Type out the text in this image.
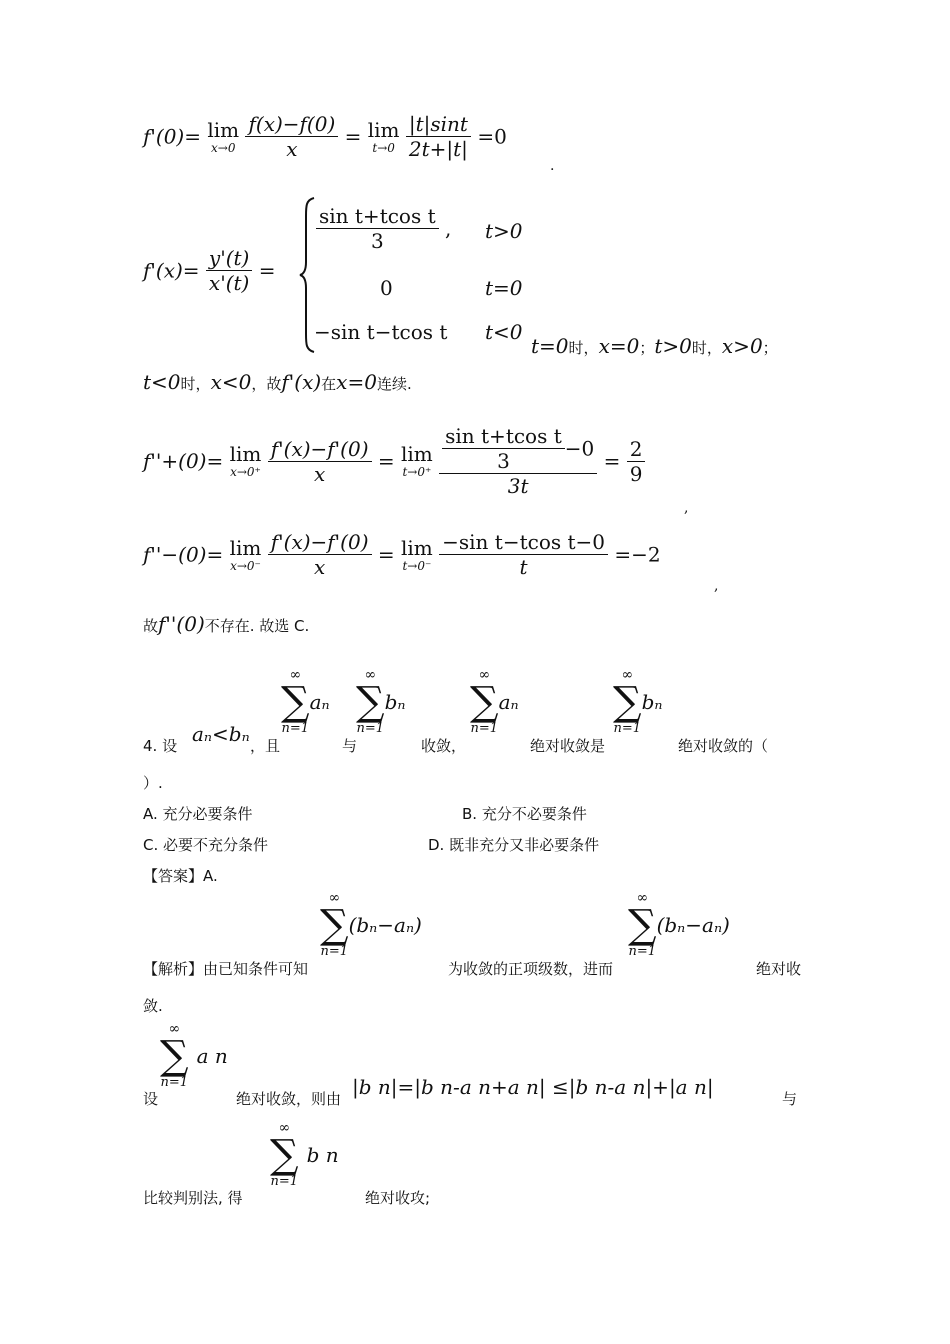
f'(0)= lim
x→0
$\frac{f(x)-f(0)}{x} = \lim$
t→0
$\frac{|t|\sin t}{2t+|t|} =0$
.
$f'(x)= \frac{y'(t)}{x'(t)}$ =
$\frac{\text{sin t+tcos t}}{3}$ , t>0
0	t=0
−sin t−tcos t t<0
t=0时，x=0；t>0时，x>0；
t<0时，x<0，故f'(x)在x=0连续.
f''+(0)= lim
x→0⁺
$\frac{f'(x)-f'(0)}{x} = \lim$
t→0⁺
$\frac{\frac{\text{sin t+tcos t}}{3} -0}{3t} = \frac{2}{9}$
,
f''−(0)= lim
x→0⁻
$\frac{f'(x)-f'(0)}{x} = \lim$
t→0⁻
$\frac{\text{−sin t−tcos t−0}}{t} =-2$
,
故f''(0)不存在. 故选 C.
4. 设 aₙ<bₙ ，且
∞
∑
n=1
aₙ
与
∞
∑
n=1
bₙ
收敛，
∞
∑
n=1
aₙ
绝对收敛是
∞
∑
n=1
bₙ
绝对收敛的（
）.
A. 充分必要条件	B. 充分不必要条件
C. 必要不充分条件	D. 既非充分又非必要条件
【答案】A.
【解析】由已知条件可知
∞
∑
n=1
(bₙ−aₙ)
为收敛的正项级数，进而
∞
∑
n=1
(bₙ−aₙ)
绝对收
敛.
设
∞
∑
n=1
a n
绝对收敛，则由 |b n|=|b n-a n+a n| ≤|b n-a n|+|a n|	与
比较判别法, 得
∞
∑
n=1
b n
绝对收攻;
